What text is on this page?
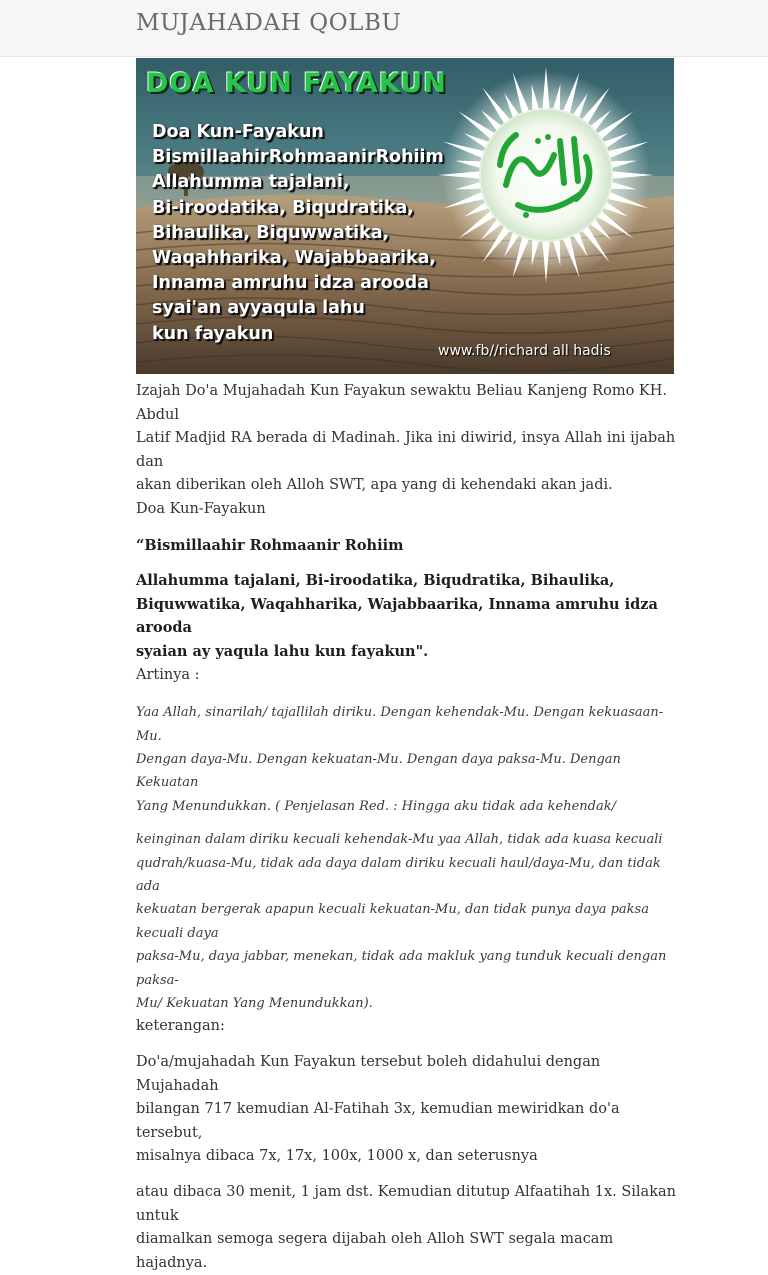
MUJAHADAH QOLBU
DOA KUN FAYAKUN
Doa Kun-Fayakun
BismillaahirRohmaanirRohiim
Allahumma tajalani,
Bi-iroodatika, Biqudratika,
Bihaulika, Biquwwatika,
Waqahharika, Wajabbaarika,
Innama amruhu idza arooda
syai'an ayyaqula lahu
kun fayakun
www.fb//richard all hadis

Izajah Do'a Mujahadah Kun Fayakun sewaktu Beliau Kanjeng Romo KH. Abdul

Latif Madjid RA berada di Madinah. Jika ini diwirid, insya Allah ini ijabah dan

akan diberikan oleh Alloh SWT, apa yang di kehendaki akan jadi.

Doa Kun-Fayakun

“Bismillaahir Rohmaanir Rohiim

Allahumma tajalani, Bi-iroodatika, Biqudratika, Bihaulika,

Biquwwatika, Waqahharika, Wajabbaarika, Innama amruhu idza arooda

syaian ay yaqula lahu kun fayakun".

Artinya :

Yaa Allah, sinarilah/ tajallilah diriku. Dengan kehendak-Mu. Dengan kekuasaan-Mu.

Dengan daya-Mu. Dengan kekuatan-Mu. Dengan daya paksa-Mu. Dengan Kekuatan

Yang Menundukkan. ( Penjelasan Red. : Hingga aku tidak ada kehendak/

keinginan dalam diriku kecuali kehendak-Mu yaa Allah, tidak ada kuasa kecuali

qudrah/kuasa-Mu, tidak ada daya dalam diriku kecuali haul/daya-Mu, dan tidak ada

kekuatan bergerak apapun kecuali kekuatan-Mu, dan tidak punya daya paksa kecuali daya

paksa-Mu, daya jabbar, menekan, tidak ada makluk yang tunduk kecuali dengan paksa-

Mu/ Kekuatan Yang Menundukkan).

keterangan:

Do'a/mujahadah Kun Fayakun tersebut boleh didahului dengan Mujahadah

bilangan 717 kemudian Al-Fatihah 3x, kemudian mewiridkan do'a tersebut,

misalnya dibaca 7x, 17x, 100x, 1000 x, dan seterusnya

atau dibaca 30 menit, 1 jam dst. Kemudian ditutup Alfaatihah 1x. Silakan untuk

diamalkan semoga segera dijabah oleh Alloh SWT segala macam hajadnya.
